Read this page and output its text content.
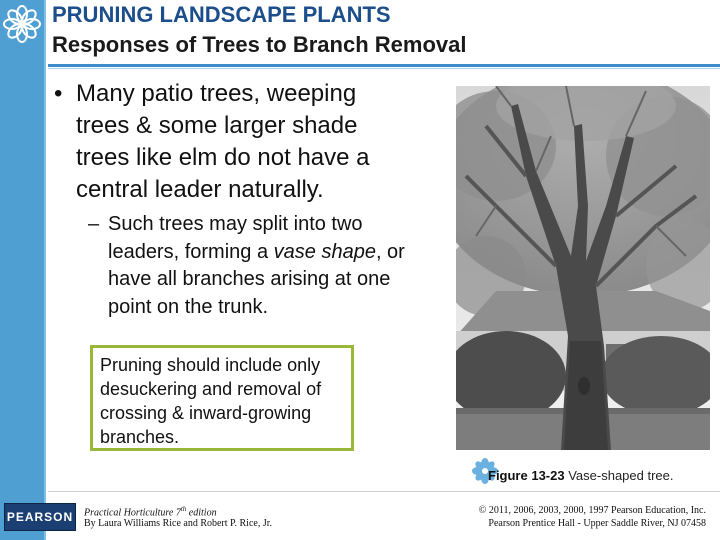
PRUNING LANDSCAPE PLANTS
Responses of Trees to Branch Removal
• Many patio trees, weeping trees & some larger shade trees like elm do not have a central leader naturally.
– Such trees may split into two leaders, forming a vase shape, or have all branches arising at one point on the trunk.
Pruning should include only desuckering and removal of crossing & inward-growing branches.
Figure 13-23 Vase-shaped tree.
PEARSON Practical Horticulture 7th edition
By Laura Williams Rice and Robert P. Rice, Jr.
© 2011, 2006, 2003, 2000, 1997 Pearson Education, Inc.
Pearson Prentice Hall - Upper Saddle River, NJ 07458
